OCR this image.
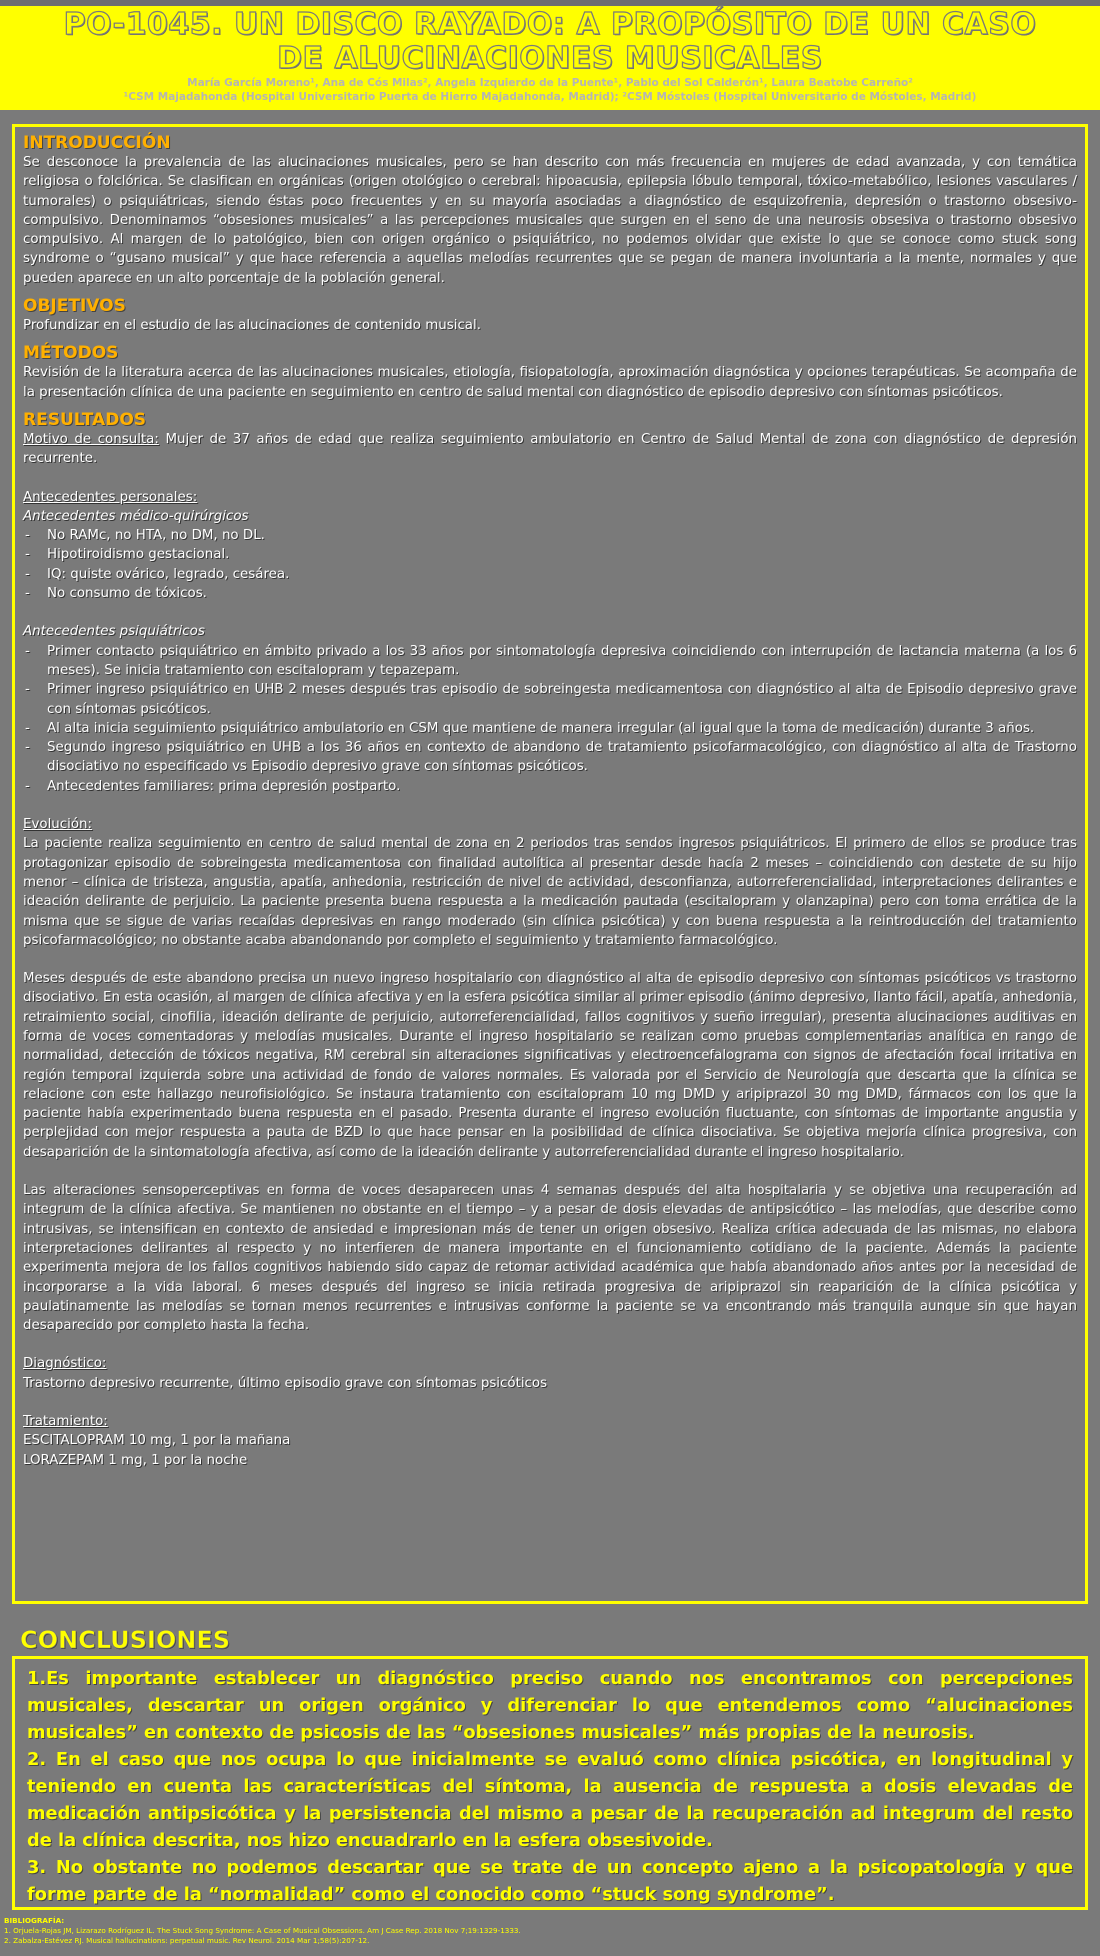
PO-1045. UN DISCO RAYADO: A PROPÓSITO DE UN CASO DE ALUCINACIONES MUSICALES
María García Moreno¹, Ana de Cós Milas², Angela Izquierdo de la Puente¹, Pablo del Sol Calderón¹, Laura Beatobe Carreño²
¹CSM Majadahonda (Hospital Universitario Puerta de Hierro Majadahonda, Madrid); ²CSM Móstoles (Hospital Universitario de Móstoles, Madrid)
INTRODUCCIÓN
Se desconoce la prevalencia de las alucinaciones musicales, pero se han descrito con más frecuencia en mujeres de edad avanzada, y con temática religiosa o folclórica. Se clasifican en orgánicas (origen otológico o cerebral: hipoacusia, epilepsia lóbulo temporal, tóxico-metabólico, lesiones vasculares / tumorales) o psiquiátricas, siendo éstas poco frecuentes y en su mayoría asociadas a diagnóstico de esquizofrenia, depresión o trastorno obsesivo-compulsivo. Denominamos “obsesiones musicales” a las percepciones musicales que surgen en el seno de una neurosis obsesiva o trastorno obsesivo compulsivo. Al margen de lo patológico, bien con origen orgánico o psiquiátrico, no podemos olvidar que existe lo que se conoce como stuck song syndrome o “gusano musical” y que hace referencia a aquellas melodías recurrentes que se pegan de manera involuntaria a la mente, normales y que pueden aparece en un alto porcentaje de la población general.
OBJETIVOS
Profundizar en el estudio de las alucinaciones de contenido musical.
MÉTODOS
Revisión de la literatura acerca de las alucinaciones musicales, etiología, fisiopatología, aproximación diagnóstica y opciones terapéuticas. Se acompaña de la presentación clínica de una paciente en seguimiento en centro de salud mental con diagnóstico de episodio depresivo con síntomas psicóticos.
RESULTADOS
Motivo de consulta: Mujer de 37 años de edad que realiza seguimiento ambulatorio en Centro de Salud Mental de zona con diagnóstico de depresión recurrente.
Antecedentes personales:
Antecedentes médico-quirúrgicos
- No RAMc, no HTA, no DM, no DL.
- Hipotiroidismo gestacional.
- IQ: quiste ovárico, legrado, cesárea.
- No consumo de tóxicos.
Antecedentes psiquiátricos
- Primer contacto psiquiátrico en ámbito privado a los 33 años por sintomatología depresiva coincidiendo con interrupción de lactancia materna (a los 6 meses). Se inicia tratamiento con escitalopram y tepazepam.
- Primer ingreso psiquiátrico en UHB 2 meses después tras episodio de sobreingesta medicamentosa con diagnóstico al alta de Episodio depresivo grave con síntomas psicóticos.
- Al alta inicia seguimiento psiquiátrico ambulatorio en CSM que mantiene de manera irregular (al igual que la toma de medicación) durante 3 años.
- Segundo ingreso psiquiátrico en UHB a los 36 años en contexto de abandono de tratamiento psicofarmacológico, con diagnóstico al alta de Trastorno disociativo no especificado vs Episodio depresivo grave con síntomas psicóticos.
- Antecedentes familiares: prima depresión postparto.
Evolución:
La paciente realiza seguimiento en centro de salud mental de zona en 2 periodos tras sendos ingresos psiquiátricos. El primero de ellos se produce tras protagonizar episodio de sobreingesta medicamentosa con finalidad autolítica al presentar desde hacía 2 meses – coincidiendo con destete de su hijo menor – clínica de tristeza, angustia, apatía, anhedonia, restricción de nivel de actividad, desconfianza, autorreferencialidad, interpretaciones delirantes e ideación delirante de perjuicio. La paciente presenta buena respuesta a la medicación pautada (escitalopram y olanzapina) pero con toma errática de la misma que se sigue de varias recaídas depresivas en rango moderado (sin clínica psicótica) y con buena respuesta a la reintroducción del tratamiento psicofarmacológico; no obstante acaba abandonando por completo el seguimiento y tratamiento farmacológico.
Meses después de este abandono precisa un nuevo ingreso hospitalario con diagnóstico al alta de episodio depresivo con síntomas psicóticos vs trastorno disociativo. En esta ocasión, al margen de clínica afectiva y en la esfera psicótica similar al primer episodio (ánimo depresivo, llanto fácil, apatía, anhedonia, retraimiento social, cinofilia, ideación delirante de perjuicio, autorreferencialidad, fallos cognitivos y sueño irregular), presenta alucinaciones auditivas en forma de voces comentadoras y melodías musicales. Durante el ingreso hospitalario se realizan como pruebas complementarias analítica en rango de normalidad, detección de tóxicos negativa, RM cerebral sin alteraciones significativas y electroencefalograma con signos de afectación focal irritativa en región temporal izquierda sobre una actividad de fondo de valores normales. Es valorada por el Servicio de Neurología que descarta que la clínica se relacione con este hallazgo neurofisiológico. Se instaura tratamiento con escitalopram 10 mg DMD y aripiprazol 30 mg DMD, fármacos con los que la paciente había experimentado buena respuesta en el pasado. Presenta durante el ingreso evolución fluctuante, con síntomas de importante angustia y perplejidad con mejor respuesta a pauta de BZD lo que hace pensar en la posibilidad de clínica disociativa. Se objetiva mejoría clínica progresiva, con desaparición de la sintomatología afectiva, así como de la ideación delirante y autorreferencialidad durante el ingreso hospitalario.
Las alteraciones sensoperceptivas en forma de voces desaparecen unas 4 semanas después del alta hospitalaria y se objetiva una recuperación ad integrum de la clínica afectiva. Se mantienen no obstante en el tiempo – y a pesar de dosis elevadas de antipsicótico – las melodías, que describe como intrusivas, se intensifican en contexto de ansiedad e impresionan más de tener un origen obsesivo. Realiza crítica adecuada de las mismas, no elabora interpretaciones delirantes al respecto y no interfieren de manera importante en el funcionamiento cotidiano de la paciente. Además la paciente experimenta mejora de los fallos cognitivos habiendo sido capaz de retomar actividad académica que había abandonado años antes por la necesidad de incorporarse a la vida laboral. 6 meses después del ingreso se inicia retirada progresiva de aripiprazol sin reaparición de la clínica psicótica y paulatinamente las melodías se tornan menos recurrentes e intrusivas conforme la paciente se va encontrando más tranquila aunque sin que hayan desaparecido por completo hasta la fecha.
Diagnóstico:
Trastorno depresivo recurrente, último episodio grave con síntomas psicóticos
Tratamiento:
ESCITALOPRAM 10 mg, 1 por la mañana
LORAZEPAM 1 mg, 1 por la noche
CONCLUSIONES
1.Es importante establecer un diagnóstico preciso cuando nos encontramos con percepciones musicales, descartar un origen orgánico y diferenciar lo que entendemos como “alucinaciones musicales” en contexto de psicosis de las “obsesiones musicales” más propias de la neurosis.
2. En el caso que nos ocupa lo que inicialmente se evaluó como clínica psicótica, en longitudinal y teniendo en cuenta las características del síntoma, la ausencia de respuesta a dosis elevadas de medicación antipsicótica y la persistencia del mismo a pesar de la recuperación ad integrum del resto de la clínica descrita, nos hizo encuadrarlo en la esfera obsesivoide.
3. No obstante no podemos descartar que se trate de un concepto ajeno a la psicopatología y que forme parte de la “normalidad” como el conocido como “stuck song syndrome”.
BIBLIOGRAFÍA:
1. Orjuela-Rojas JM, Lizarazo Rodríguez IL. The Stuck Song Syndrome: A Case of Musical Obsessions. Am J Case Rep. 2018 Nov 7;19:1329-1333.
2. Zabalza-Estévez RJ. Musical hallucinations: perpetual music. Rev Neurol. 2014 Mar 1;58(5):207-12.
